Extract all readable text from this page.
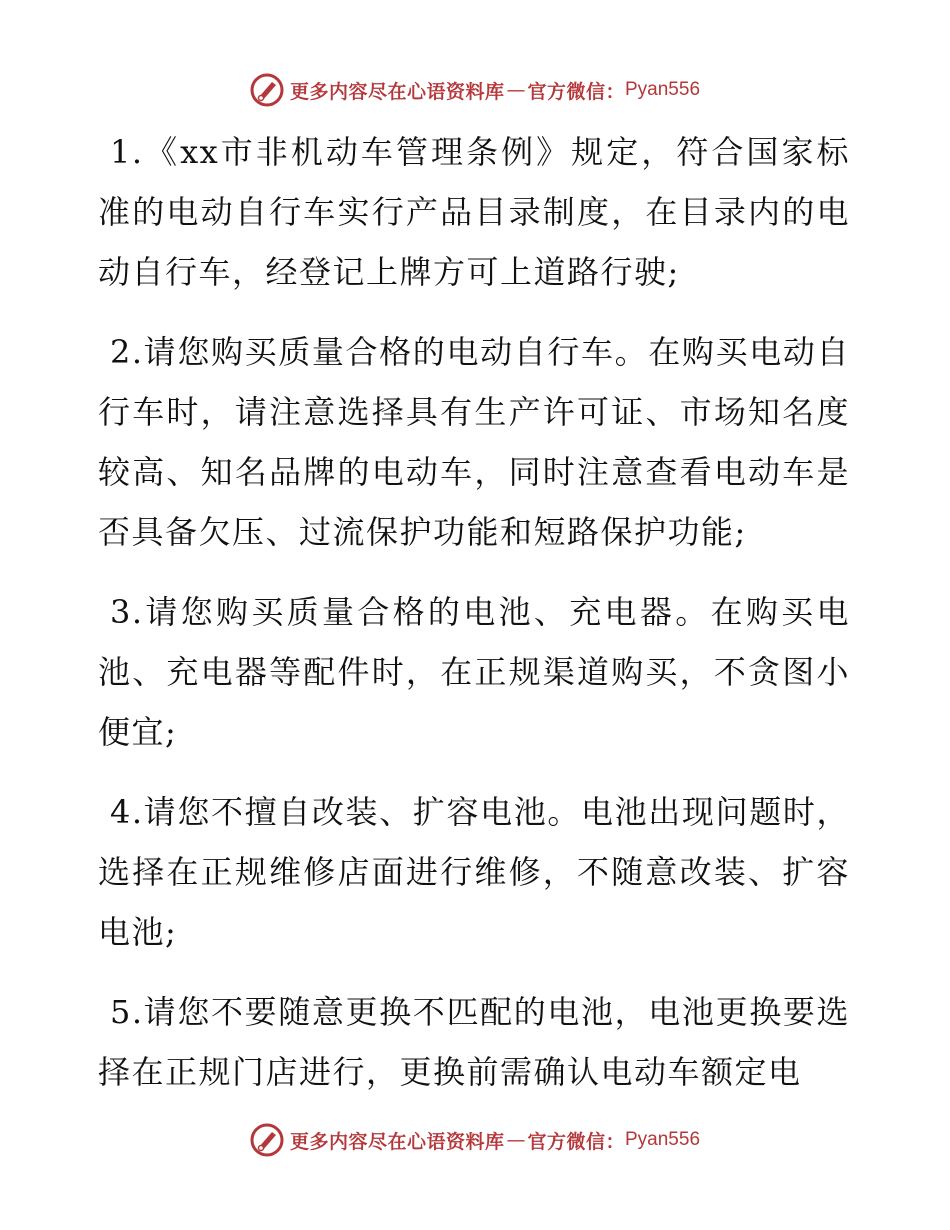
更多内容尽在心语资料库 — 官方微信： Pyan556

1.《xx市非机动车管理条例》规定，符合国家标准的电动自行车实行产品目录制度，在目录内的电动自行车，经登记上牌方可上道路行驶;

2.请您购买质量合格的电动自行车。在购买电动自行车时，请注意选择具有生产许可证、市场知名度较高、知名品牌的电动车，同时注意查看电动车是否具备欠压、过流保护功能和短路保护功能;

3.请您购买质量合格的电池、充电器。在购买电池、充电器等配件时，在正规渠道购买，不贪图小便宜;

4.请您不擅自改装、扩容电池。电池出现问题时，选择在正规维修店面进行维修，不随意改装、扩容电池;

5.请您不要随意更换不匹配的电池，电池更换要选择在正规门店进行，更换前需确认电动车额定电

更多内容尽在心语资料库 — 官方微信： Pyan556
